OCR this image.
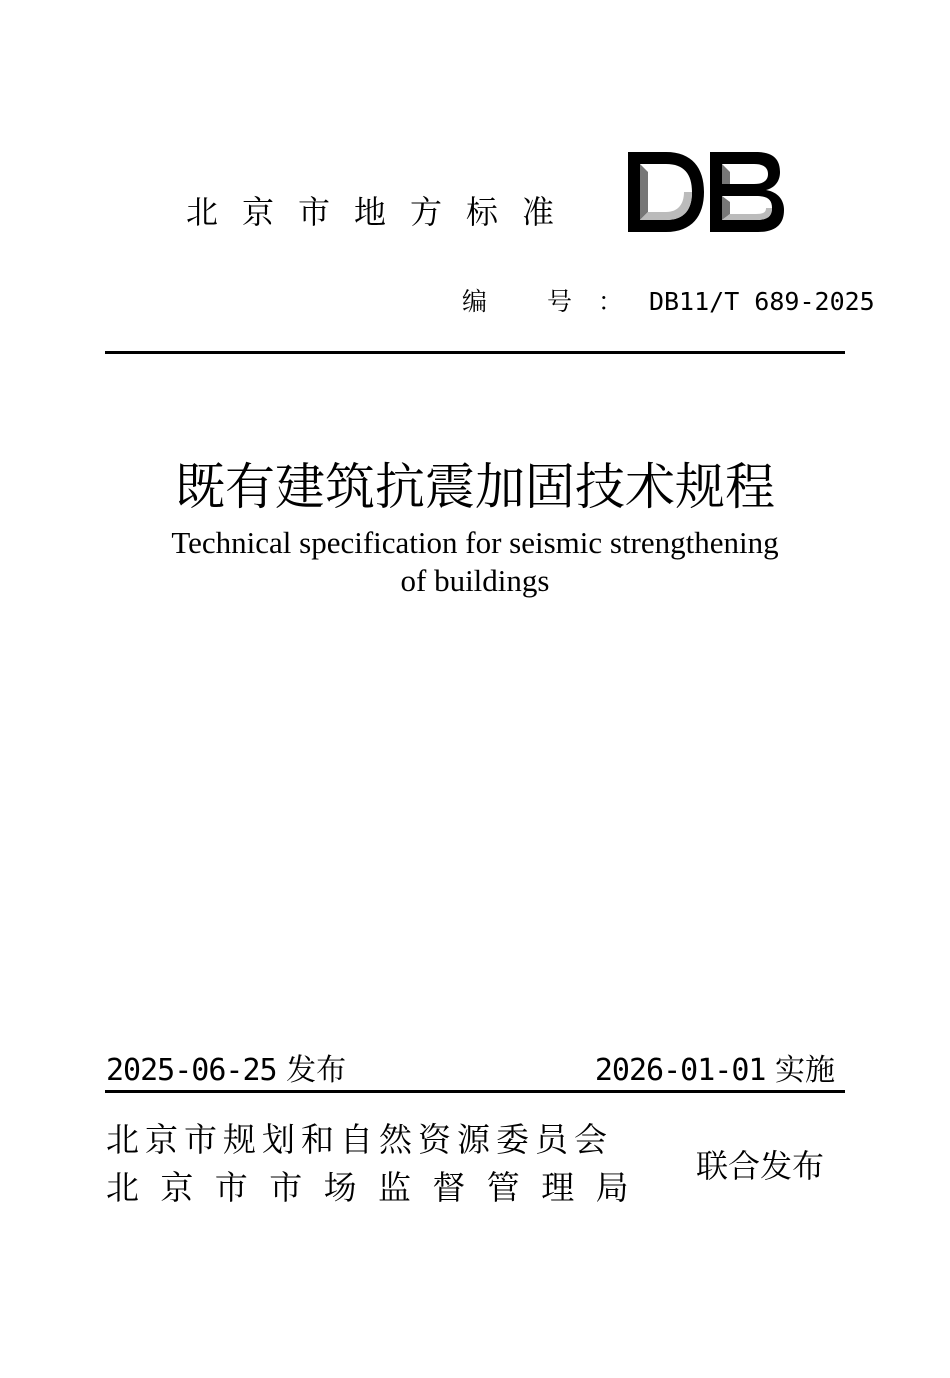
北京市地方标准
编 号：DB11/T 689-2025
既有建筑抗震加固技术规程
Technical specification for seismic strengthening
of buildings
2025-06-25 发布	2026-01-01 实施
北京市规划和自然资源委员会
北京市市场监督管理局
联合发布
